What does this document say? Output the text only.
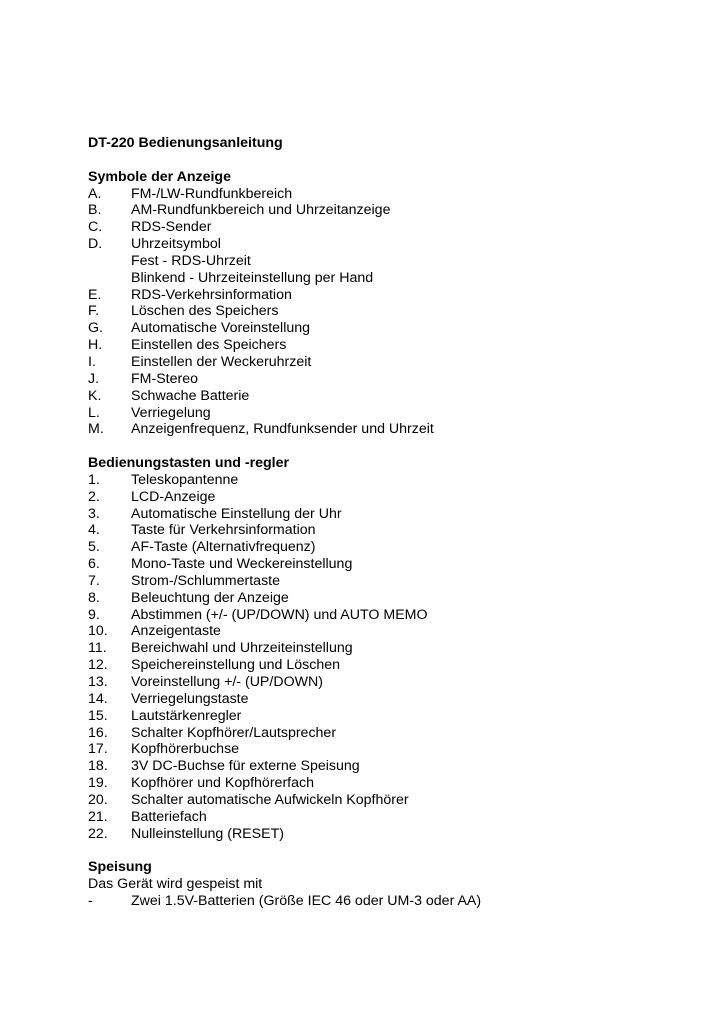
DT-220 Bedienungsanleitung
Symbole der Anzeige
A. FM-/LW-Rundfunkbereich
B. AM-Rundfunkbereich und Uhrzeitanzeige
C. RDS-Sender
D. Uhrzeitsymbol
Fest - RDS-Uhrzeit
Blinkend - Uhrzeiteinstellung per Hand
E. RDS-Verkehrsinformation
F. Löschen des Speichers
G. Automatische Voreinstellung
H. Einstellen des Speichers
I. Einstellen der Weckeruhrzeit
J. FM-Stereo
K. Schwache Batterie
L. Verriegelung
M. Anzeigenfrequenz, Rundfunksender und Uhrzeit
Bedienungstasten und -regler
1. Teleskopantenne
2. LCD-Anzeige
3. Automatische Einstellung der Uhr
4. Taste für Verkehrsinformation
5. AF-Taste (Alternativfrequenz)
6. Mono-Taste und Weckereinstellung
7. Strom-/Schlummertaste
8. Beleuchtung der Anzeige
9. Abstimmen (+/- (UP/DOWN) und AUTO MEMO
10. Anzeigentaste
11. Bereichwahl und Uhrzeiteinstellung
12. Speichereinstellung und Löschen
13. Voreinstellung +/- (UP/DOWN)
14. Verriegelungstaste
15. Lautstärkenregler
16. Schalter Kopfhörer/Lautsprecher
17. Kopfhörerbuchse
18. 3V DC-Buchse für externe Speisung
19. Kopfhörer und Kopfhörerfach
20. Schalter automatische Aufwickeln Kopfhörer
21. Batteriefach
22. Nulleinstellung (RESET)
Speisung
Das Gerät wird gespeist mit
-	Zwei 1.5V-Batterien (Größe IEC 46 oder UM-3 oder AA)
